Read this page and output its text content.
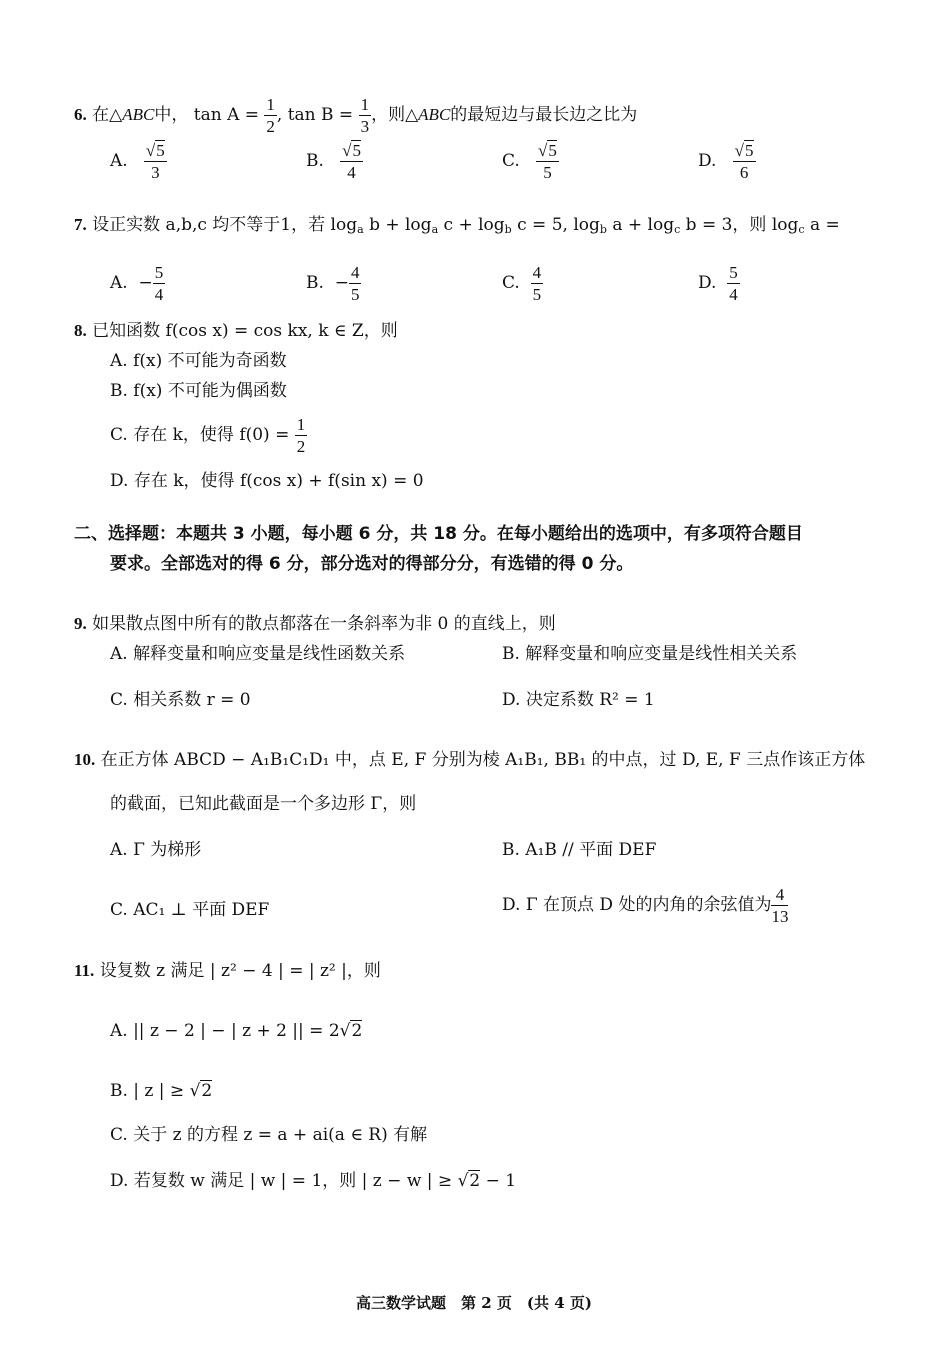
6. 在△ABC中， $\tan A = \frac{1}{2}$ , $\tan B = \frac{1}{3}$ ，则△ABC的最短边与最长边之比为
A. $\frac{√5}{3}$	B. $\frac{√5}{4}$	C. $\frac{√5}{5}$	D. $\frac{√5}{6}$
7. 设正实数 a,b,c 均不等于1，若 $\log_a b + \log_a c + \log_b c = 5$, $\log_b a + \log_c b = 3$，则 $\log_c a$ =
A. − $\frac{5}{4}$	B. − $\frac{4}{5}$	C. $\frac{4}{5}$	D. $\frac{5}{4}$
8. 已知函数 f(cos x) = cos kx, k ∈ Z，则
A. f(x) 不可能为奇函数
B. f(x) 不可能为偶函数
C. 存在 k，使得 $f(0) = \frac{1}{2}$
D. 存在 k，使得 f(cos x) + f(sin x) = 0
二、选择题：本题共 3 小题，每小题 6 分，共 18 分。在每小题给出的选项中，有多项符合题目
要求。全部选对的得 6 分，部分选对的得部分分，有选错的得 0 分。
9. 如果散点图中所有的散点都落在一条斜率为非 0 的直线上，则
A. 解释变量和响应变量是线性函数关系	B. 解释变量和响应变量是线性相关关系
C. 相关系数 r = 0	D. 决定系数 R² = 1
10. 在正方体 ABCD − A₁B₁C₁D₁ 中，点 E, F 分别为棱 A₁B₁, BB₁ 的中点，过 D, E, F 三点作该正方体
的截面，已知此截面是一个多边形 Γ，则
A. Γ 为梯形	B. A₁B // 平面 DEF
C. AC₁ ⊥ 平面 DEF	D. Γ 在顶点 D 处的内角的余弦值为 $\frac{4}{13}$
11. 设复数 z 满足 | z² − 4 | = | z² |，则
A. || z − 2 | − | z + 2 || = 2√2
B. | z | ≥ √2
C. 关于 z 的方程 z = a + ai(a ∈ R) 有解
D. 若复数 w 满足 | w | = 1，则 | z − w | ≥ √2 − 1
高三数学试题　第 2 页　(共 4 页)
